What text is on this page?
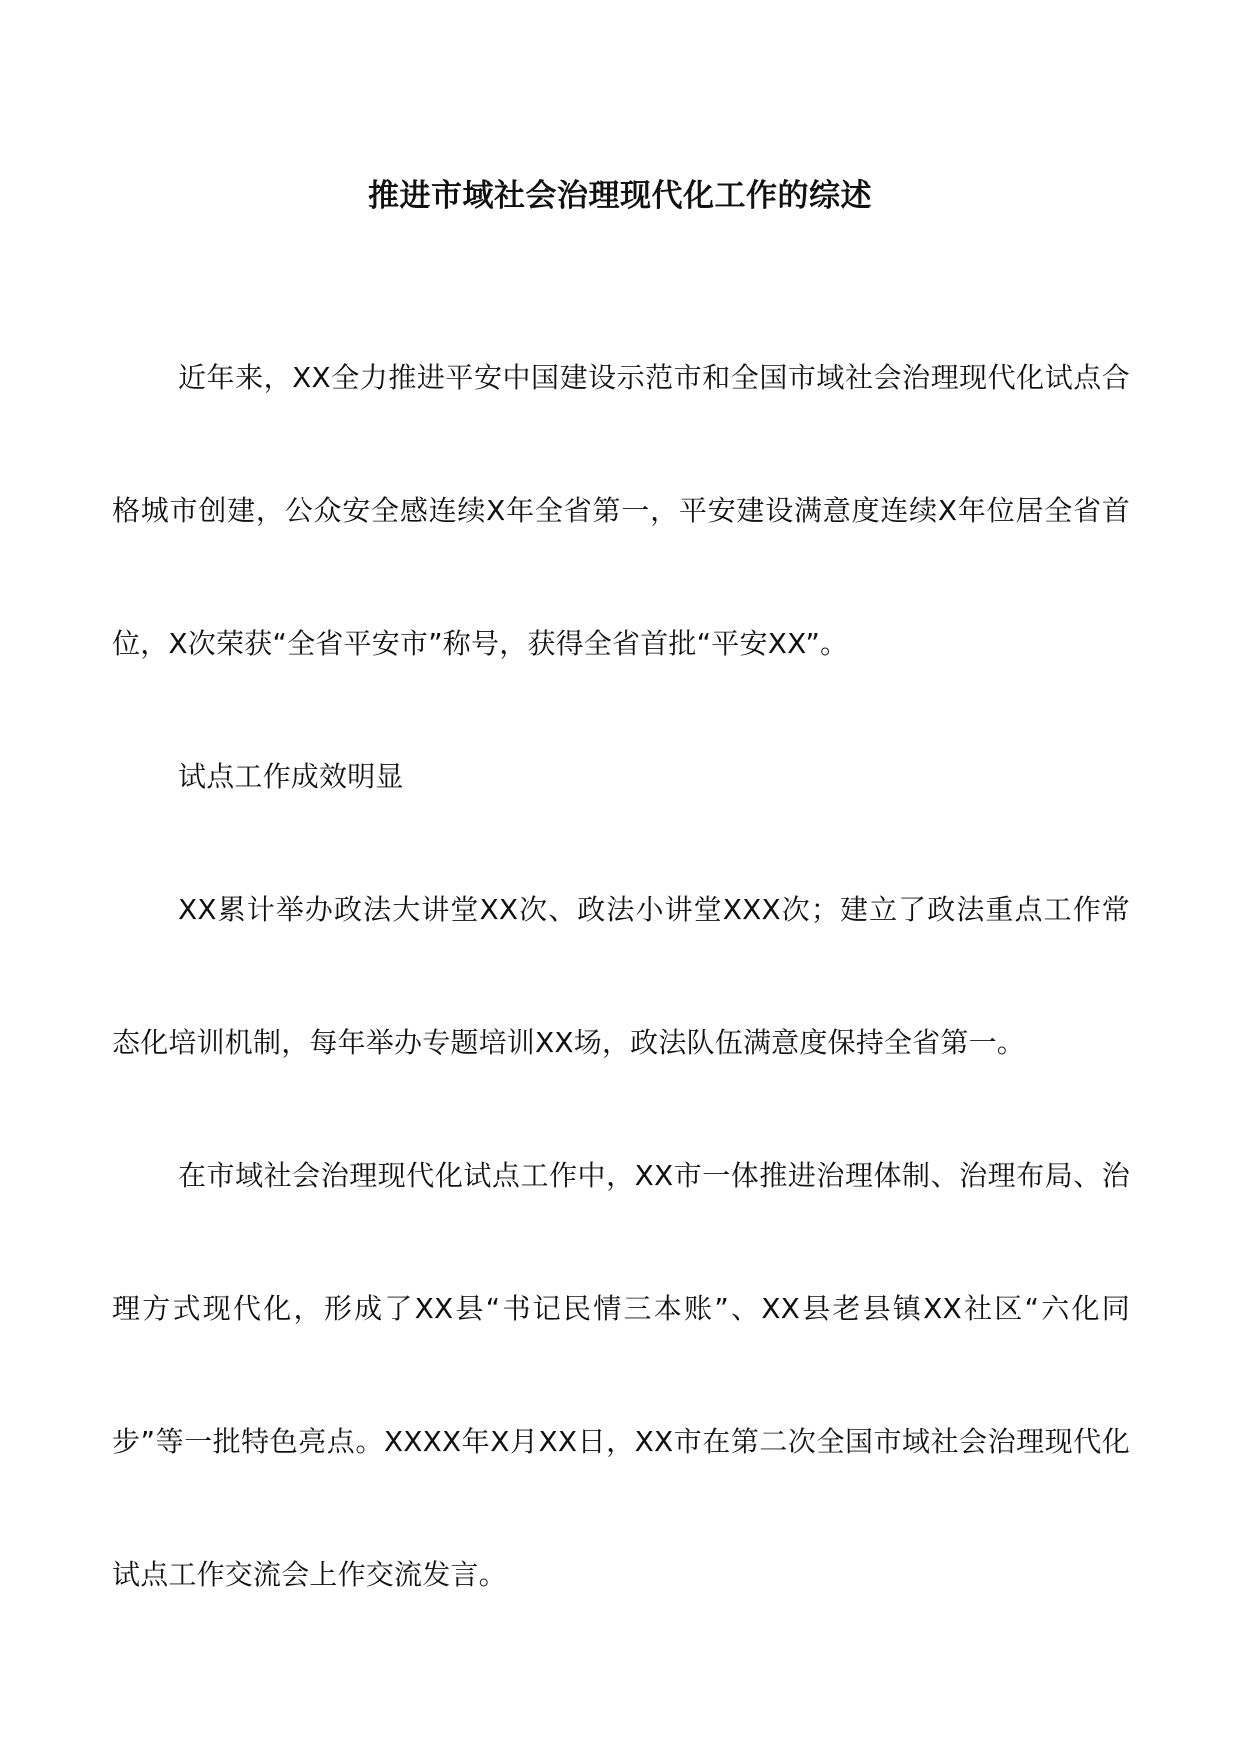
推进市域社会治理现代化工作的综述

近年来，XX全力推进平安中国建设示范市和全国市域社会治理现代化试点合格城市创建，公众安全感连续X年全省第一，平安建设满意度连续X年位居全省首位，X次荣获“全省平安市”称号，获得全省首批“平安XX”。

试点工作成效明显

XX累计举办政法大讲堂XX次、政法小讲堂XXX次；建立了政法重点工作常态化培训机制，每年举办专题培训XX场，政法队伍满意度保持全省第一。

在市域社会治理现代化试点工作中，XX市一体推进治理体制、治理布局、治理方式现代化，形成了XX县“书记民情三本账”、XX县老县镇XX社区“六化同步”等一批特色亮点。XXXX年X月XX日，XX市在第二次全国市域社会治理现代化试点工作交流会上作交流发言。
